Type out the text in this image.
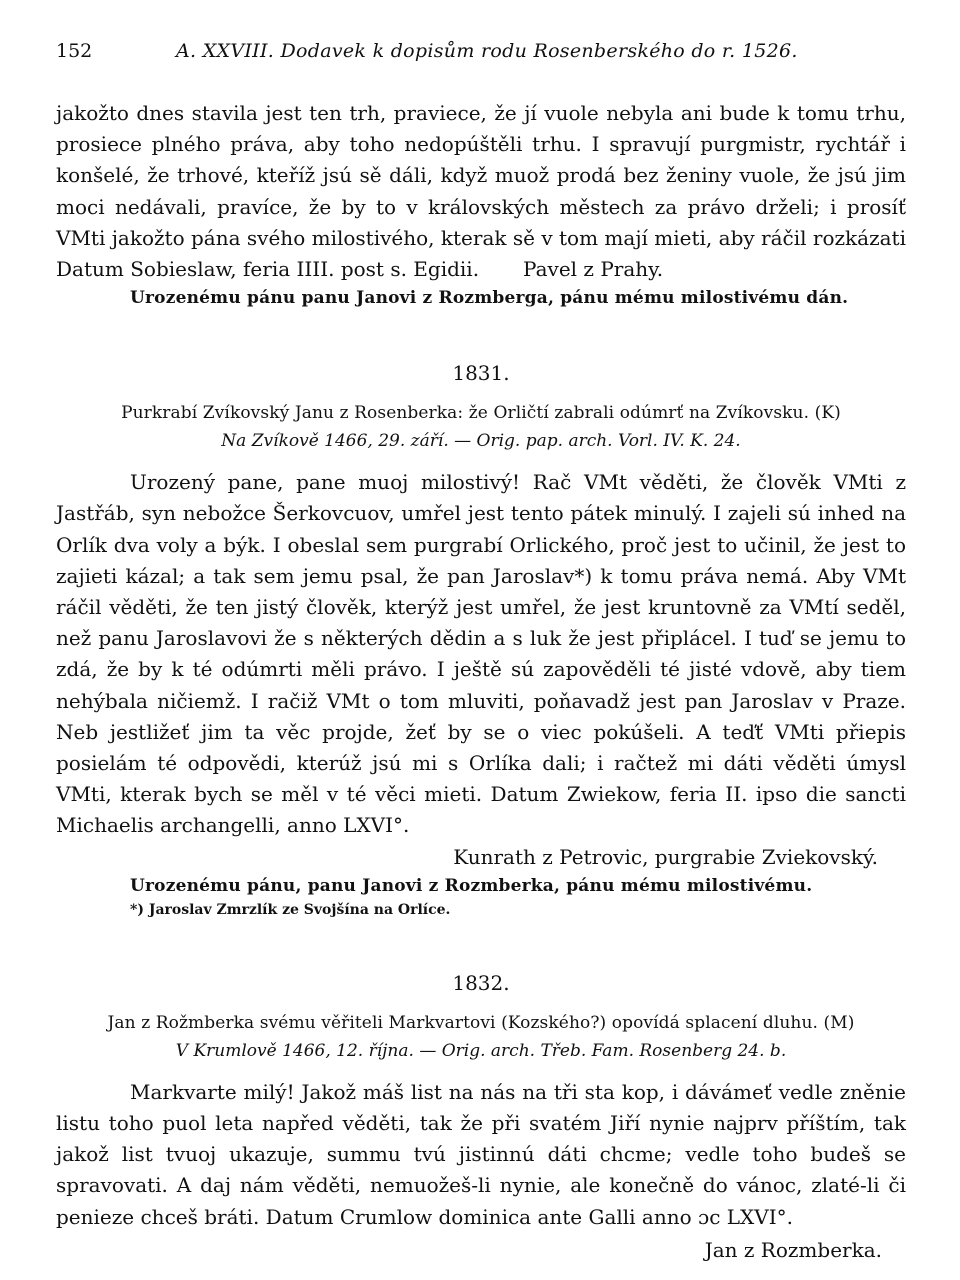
152	A. XXVIII. Dodavek k dopisům rodu Rosenberského do r. 1526.

jakožto dnes stavila jest ten trh, praviece, že jí vuole nebyla ani bude k tomu trhu, prosiece plného práva, aby toho nedopúštěli trhu. I spravují purgmistr, rychtář i konšelé, že trhové, kteříž jsú sě dáli, když muož prodá bez ženiny vuole, že jsú jim moci nedávali, pravíce, že by to v královských městech za právo drželi; i prosíť VMti jakožto pána svého milostivého, kterak sě v tom mají mieti, aby ráčil rozkázati Datum Sobieslaw, feria IIII. post s. Egidii. Pavel z Prahy.

Urozenému pánu panu Janovi z Rozmberga, pánu mému milostivému dán.

1831.
Purkrabí Zvíkovský Janu z Rosenberka: že Orličtí zabrali odúmrť na Zvíkovsku. (K)
Na Zvíkově 1466, 29. září. — Orig. pap. arch. Vorl. IV. K. 24.

Urozený pane, pane muoj milostivý! Rač VMt věděti, že člověk VMti z Jastřáb, syn nebožce Šerkovcuov, umřel jest tento pátek minulý. I zajeli sú inhed na Orlík dva voly a býk. I obeslal sem purgrabí Orlického, proč jest to učinil, že jest to zajieti kázal; a tak sem jemu psal, že pan Jaroslav*) k tomu práva nemá. Aby VMt ráčil věděti, že ten jistý člověk, kterýž jest umřel, že jest kruntovně za VMtí seděl, než panu Jaroslavovi že s některých dědin a s luk že jest připlácel. I tuď se jemu to zdá, že by k té odúmrti měli právo. I ještě sú zapověděli té jisté vdově, aby tiem nehýbala ničiemž. I račiž VMt o tom mluviti, poňavadž jest pan Jaroslav v Praze. Neb jestližeť jim ta věc projde, žeť by se o viec pokúšeli. A teďť VMti přiepis posielám té odpovědi, kterúž jsú mi s Orlíka dali; i račtež mi dáti věděti úmysl VMti, kterak bych se měl v té věci mieti. Datum Zwiekow, feria II. ipso die sancti Michaelis archangelli, anno LXVI°.

Kunrath z Petrovic, purgrabie Zviekovský.

Urozenému pánu, panu Janovi z Rozmberka, pánu mému milostivému.

*) Jaroslav Zmrzlík ze Svojšína na Orlíce.

1832.
Jan z Rožmberka svému věřiteli Markvartovi (Kozského?) opovídá splacení dluhu. (M)
V Krumlově 1466, 12. října. — Orig. arch. Třeb. Fam. Rosenberg 24. b.

Markvarte milý! Jakož máš list na nás na tři sta kop, i dávámeť vedle zněnie listu toho puol leta napřed věděti, tak že při svatém Jiří nynie najprv příštím, tak jakož list tvuoj ukazuje, summu tvú jistinnú dáti chcme; vedle toho budeš se spravovati. A daj nám věděti, nemuožeš-li nynie, ale konečně do vánoc, zlaté-li či penieze chceš bráti. Datum Crumlow dominica ante Galli anno ɔc LXVI°.

Jan z Rozmberka.
